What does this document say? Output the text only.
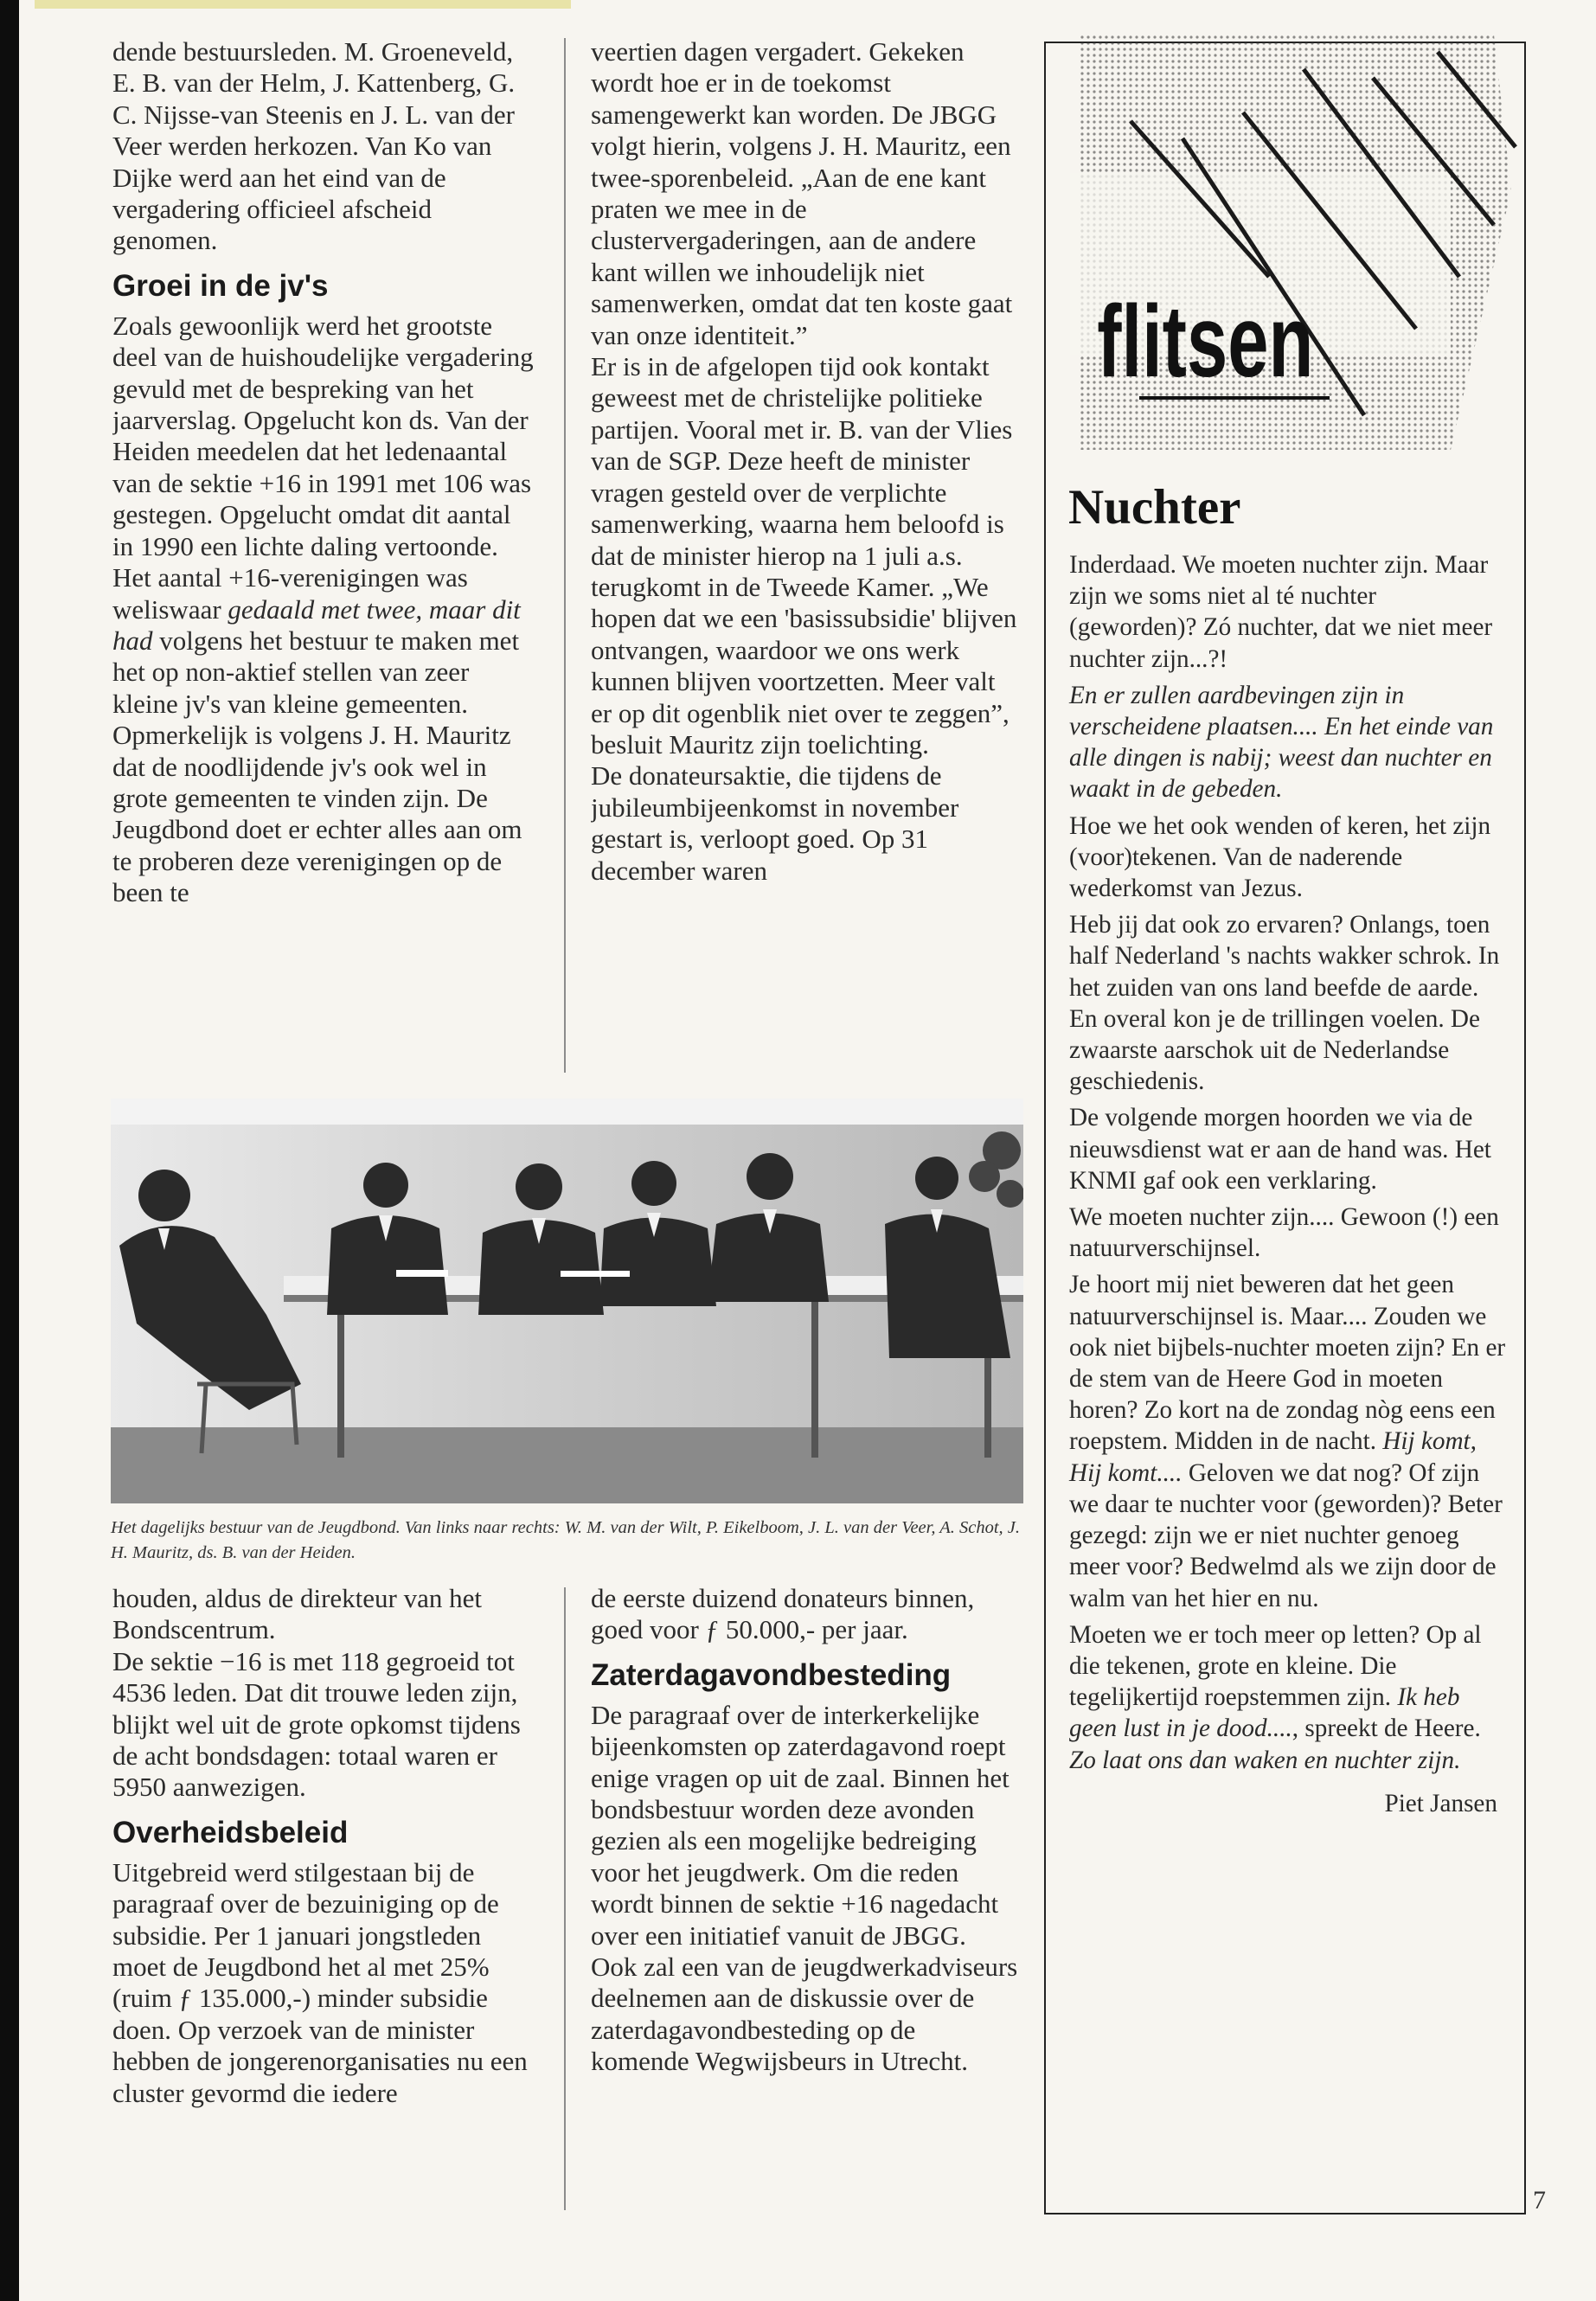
dende bestuursleden. M. Groeneveld, E. B. van der Helm, J. Kattenberg, G. C. Nijsse-van Steenis en J. L. van der Veer werden herkozen. Van Ko van Dijke werd aan het eind van de vergadering officieel afscheid genomen.

Groei in de jv's

Zoals gewoonlijk werd het grootste deel van de huishoudelijke vergadering gevuld met de bespreking van het jaarverslag. Opgelucht kon ds. Van der Heiden meedelen dat het ledenaantal van de sektie +16 in 1991 met 106 was gestegen. Opgelucht omdat dit aantal in 1990 een lichte daling vertoonde. Het aantal +16-verenigingen was weliswaar gedaald met twee, maar dit had volgens het bestuur te maken met het op non-aktief stellen van zeer kleine jv's van kleine gemeenten. Opmerkelijk is volgens J. H. Mauritz dat de noodlijdende jv's ook wel in grote gemeenten te vinden zijn. De Jeugdbond doet er echter alles aan om te proberen deze verenigingen op de been te

veertien dagen vergadert. Gekeken wordt hoe er in de toekomst samengewerkt kan worden. De JBGG volgt hierin, volgens J. H. Mauritz, een twee-sporenbeleid. „Aan de ene kant praten we mee in de clustervergaderingen, aan de andere kant willen we inhoudelijk niet samenwerken, omdat dat ten koste gaat van onze identiteit.”

Er is in de afgelopen tijd ook kontakt geweest met de christelijke politieke partijen. Vooral met ir. B. van der Vlies van de SGP. Deze heeft de minister vragen gesteld over de verplichte samenwerking, waarna hem beloofd is dat de minister hierop na 1 juli a.s. terugkomt in de Tweede Kamer. „We hopen dat we een 'basissubsidie' blijven ontvangen, waardoor we ons werk kunnen blijven voortzetten. Meer valt er op dit ogenblik niet over te zeggen”, besluit Mauritz zijn toelichting.

De donateursaktie, die tijdens de jubileumbijeenkomst in november gestart is, verloopt goed. Op 31 december waren

Het dagelijks bestuur van de Jeugdbond. Van links naar rechts: W. M. van der Wilt, P. Eikelboom, J. L. van der Veer, A. Schot, J. H. Mauritz, ds. B. van der Heiden.

houden, aldus de direkteur van het Bondscentrum.

De sektie −16 is met 118 gegroeid tot 4536 leden. Dat dit trouwe leden zijn, blijkt wel uit de grote opkomst tijdens de acht bondsdagen: totaal waren er 5950 aanwezigen.

Overheidsbeleid

Uitgebreid werd stilgestaan bij de paragraaf over de bezuiniging op de subsidie. Per 1 januari jongstleden moet de Jeugdbond het al met 25% (ruim ƒ 135.000,-) minder subsidie doen. Op verzoek van de minister hebben de jongerenorganisaties nu een cluster gevormd die iedere

de eerste duizend donateurs binnen, goed voor ƒ 50.000,- per jaar.

Zaterdagavondbesteding

De paragraaf over de interkerkelijke bijeenkomsten op zaterdagavond roept enige vragen op uit de zaal. Binnen het bondsbestuur worden deze avonden gezien als een mogelijke bedreiging voor het jeugdwerk. Om die reden wordt binnen de sektie +16 nagedacht over een initiatief vanuit de JBGG. Ook zal een van de jeugdwerkadviseurs deelnemen aan de diskussie over de zaterdagavondbesteding op de komende Wegwijsbeurs in Utrecht.

flitsen
Nuchter

Inderdaad. We moeten nuchter zijn. Maar zijn we soms niet al té nuchter (geworden)? Zó nuchter, dat we niet meer nuchter zijn...?!

En er zullen aardbevingen zijn in verscheidene plaatsen.... En het einde van alle dingen is nabij; weest dan nuchter en waakt in de gebeden.

Hoe we het ook wenden of keren, het zijn (voor)tekenen. Van de naderende wederkomst van Jezus.

Heb jij dat ook zo ervaren? Onlangs, toen half Nederland 's nachts wakker schrok. In het zuiden van ons land beefde de aarde. En overal kon je de trillingen voelen. De zwaarste aarschok uit de Nederlandse geschiedenis.

De volgende morgen hoorden we via de nieuwsdienst wat er aan de hand was. Het KNMI gaf ook een verklaring.

We moeten nuchter zijn.... Gewoon (!) een natuurverschijnsel.

Je hoort mij niet beweren dat het geen natuurverschijnsel is. Maar.... Zouden we ook niet bijbels-nuchter moeten zijn? En er de stem van de Heere God in moeten horen? Zo kort na de zondag nòg eens een roepstem. Midden in de nacht. Hij komt, Hij komt.... Geloven we dat nog? Of zijn we daar te nuchter voor (geworden)? Beter gezegd: zijn we er niet nuchter genoeg meer voor? Bedwelmd als we zijn door de walm van het hier en nu.

Moeten we er toch meer op letten? Op al die tekenen, grote en kleine. Die tegelijkertijd roepstemmen zijn. Ik heb geen lust in je dood...., spreekt de Heere. Zo laat ons dan waken en nuchter zijn.

Piet Jansen

7
